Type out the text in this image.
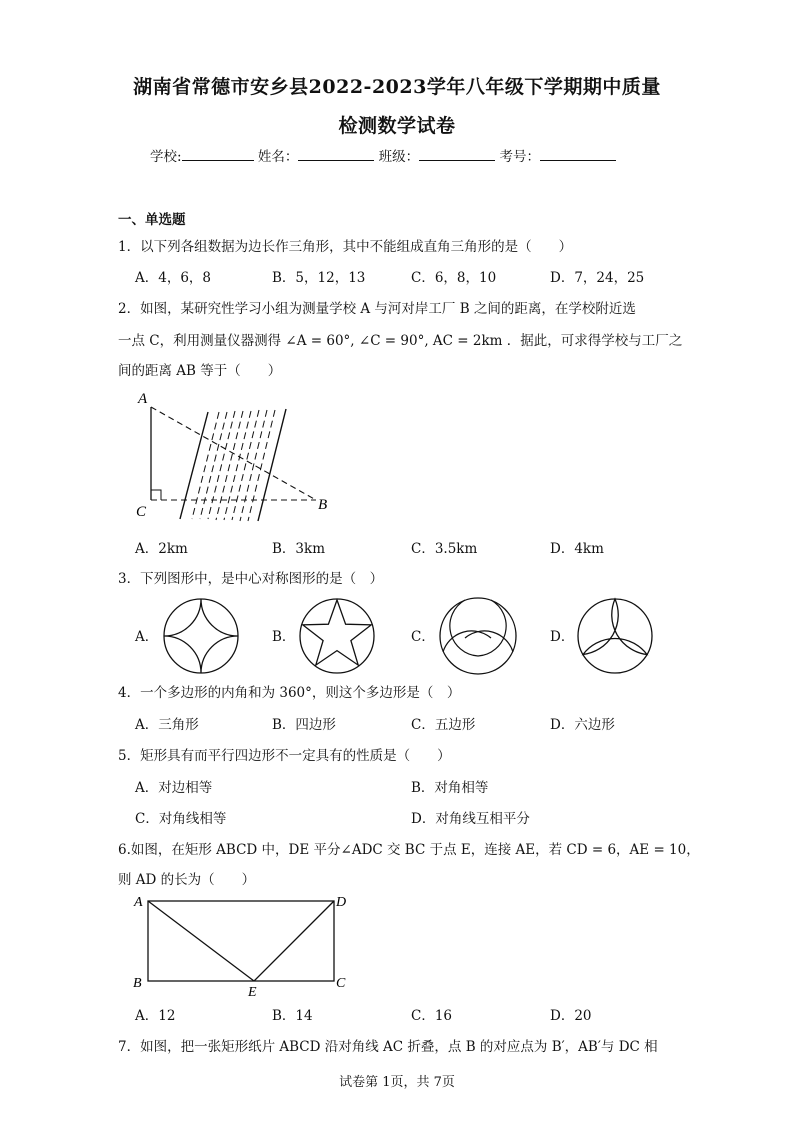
湖南省常德市安乡县2022-2023学年八年级下学期期中质量
检测数学试卷
学校:	姓名：	班级：	考号：
一、单选题
1．以下列各组数据为边长作三角形，其中不能组成直角三角形的是（　　）
A．4，6，8	B．5，12，13	C．6，8，10	D．7，24，25
2．如图，某研究性学习小组为测量学校 A 与河对岸工厂 B 之间的距离，在学校附近选
一点 C，利用测量仪器测得 ∠A = 60°, ∠C = 90°, AC = 2km ．据此，可求得学校与工厂之
间的距离 AB 等于（　　）
A
C	B
A．2km	B．3km	C．3.5km	D．4km
3．下列图形中，是中心对称图形的是（　）
A．	B．	C．	D．
4．一个多边形的内角和为 360°，则这个多边形是（　）
A．三角形	B．四边形	C．五边形	D．六边形
5．矩形具有而平行四边形不一定具有的性质是（　　）
A．对边相等	B．对角相等
C．对角线相等	D．对角线互相平分
6.如图，在矩形 ABCD 中，DE 平分∠ADC 交 BC 于点 E，连接 AE，若 CD = 6，AE = 10，
则 AD 的长为（　　）
A	D
B	C
E
A．12	B．14	C．16	D．20
7．如图，把一张矩形纸片 ABCD 沿对角线 AC 折叠，点 B 的对应点为 B′，AB′与 DC 相
试卷第 1页，共 7页
